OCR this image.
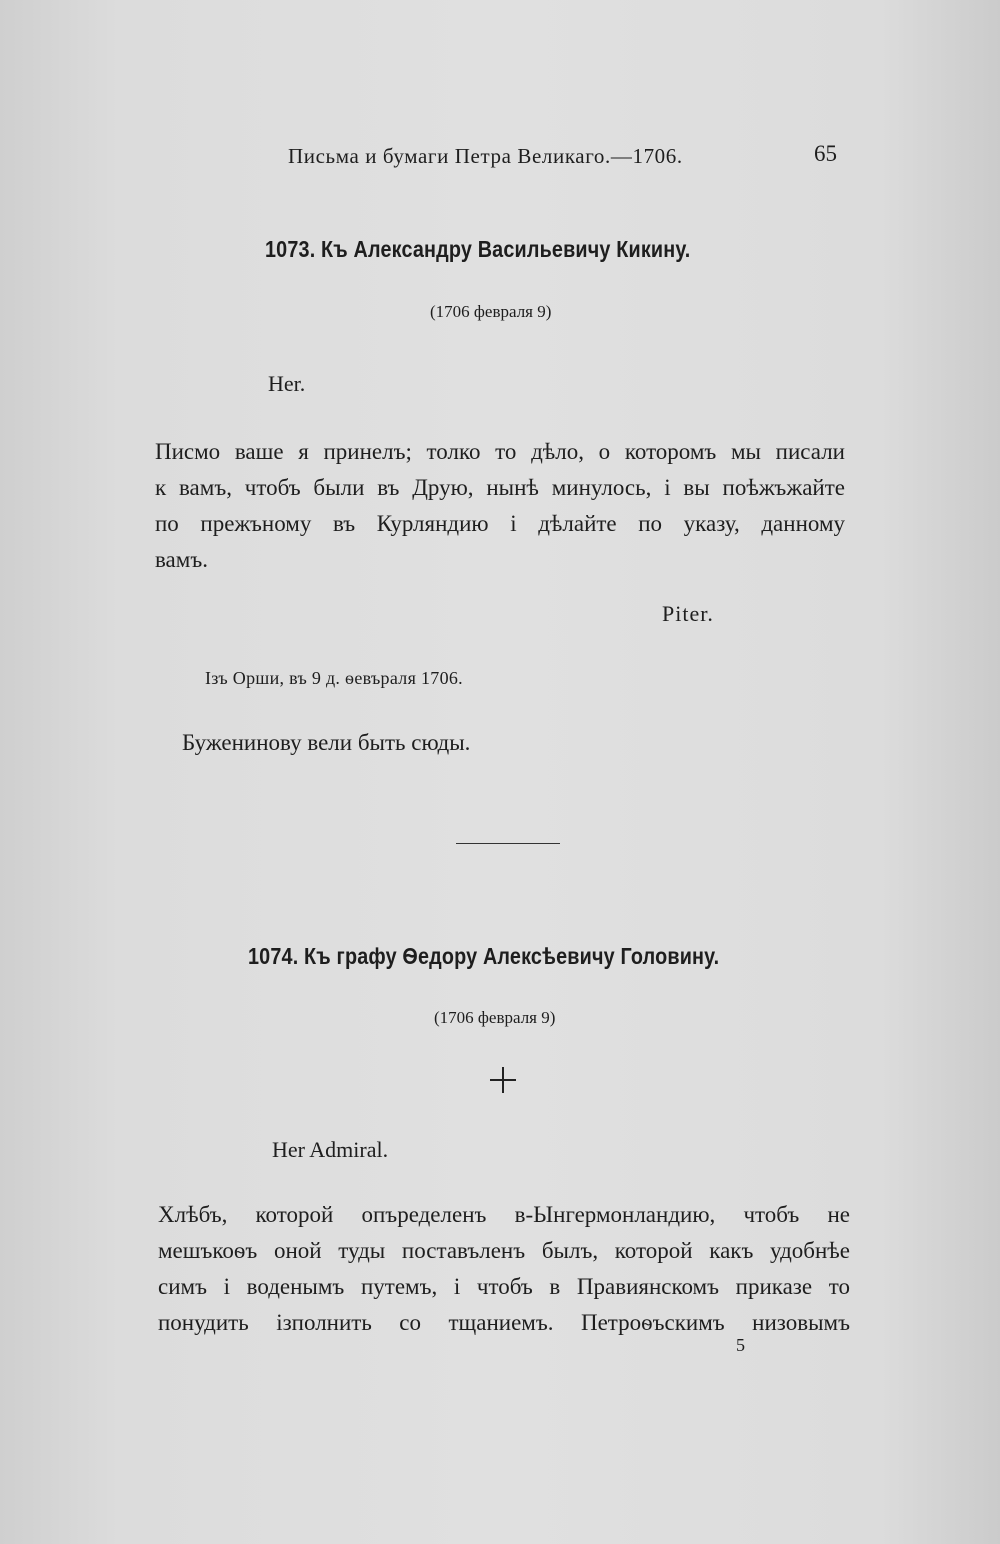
Письма и бумаги Петра Великаго.—1706.	65
1073. Къ Александру Васильевичу Кикину.
(1706 февраля 9)
Her.
Писмо ваше я принелъ; толко то дѣло, о которомъ мы писали
к вамъ, чтобъ были въ Друю, нынѣ минулось, і вы поѣжъжайте
по прежъному въ Курляндию і дѣлайте по указу, данному
вамъ.
Piter.
Ізъ Орши, въ 9 д. ѳевъраля 1706.
Буженинову вели быть сюды.
1074. Къ графу Ѳедору Алексѣевичу Головину.
(1706 февраля 9)
Her Admiral.
Хлѣбъ, которой опъределенъ в-Ынгермонландию, чтобъ не
мешъкоѳъ оной туды поставъленъ былъ, которой какъ удобнѣе
симъ і воденымъ путемъ, і чтобъ в Правиянскомъ приказе то
понудить ізполнить со тщаниемъ. Петроѳъскимъ низовымъ
5
